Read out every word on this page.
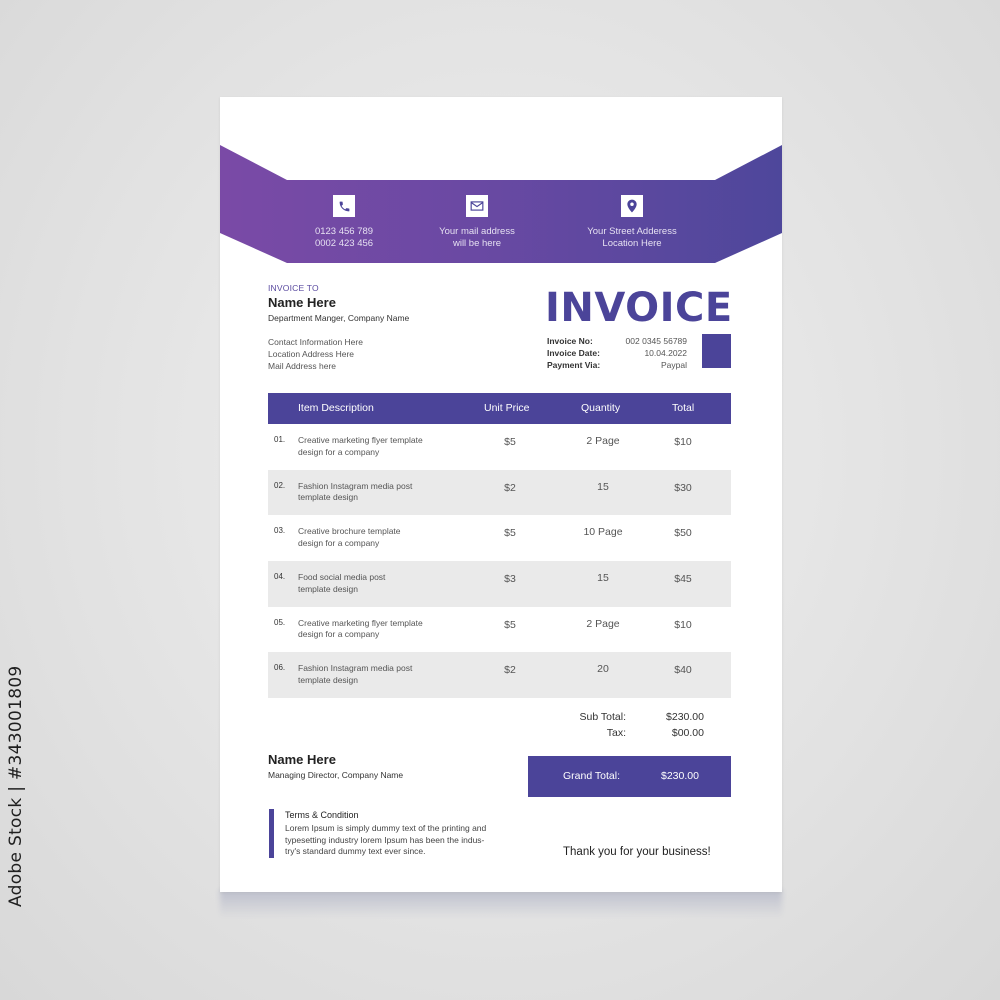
Adobe Stock | #343001809
0123 456 789
0002 423 456
Your mail address
will be here
Your Street Adderess
Location Here
INVOICE TO
Name Here
Department Manger, Company Name
Contact Information Here
Location Address Here
Mail Address here
INVOICE
Invoice No:	002 0345 56789
Invoice Date:	10.04.2022
Payment Via:	Paypal
Item Description	Unit Price	Quantity	Total
01. Creative marketing flyer template
design for a company
$5	2 Page	$10
02. Fashion Instagram media post
template design
$2	15	$30
03. Creative brochure template
design for a company
$5	10 Page	$50
04. Food social media post
template design
$3	15	$45
05. Creative marketing flyer template
design for a company
$5	2 Page	$10
06. Fashion Instagram media post
template design
$2	20	$40
Sub Total:	$230.00
Tax:	$00.00
Grand Total:	$230.00
Name Here
Managing Director, Company Name
Terms & Condition
Lorem Ipsum is simply dummy text of the printing and
typesetting industry lorem Ipsum has been the indus-
try's standard dummy text ever since.	Thank you for your business!
